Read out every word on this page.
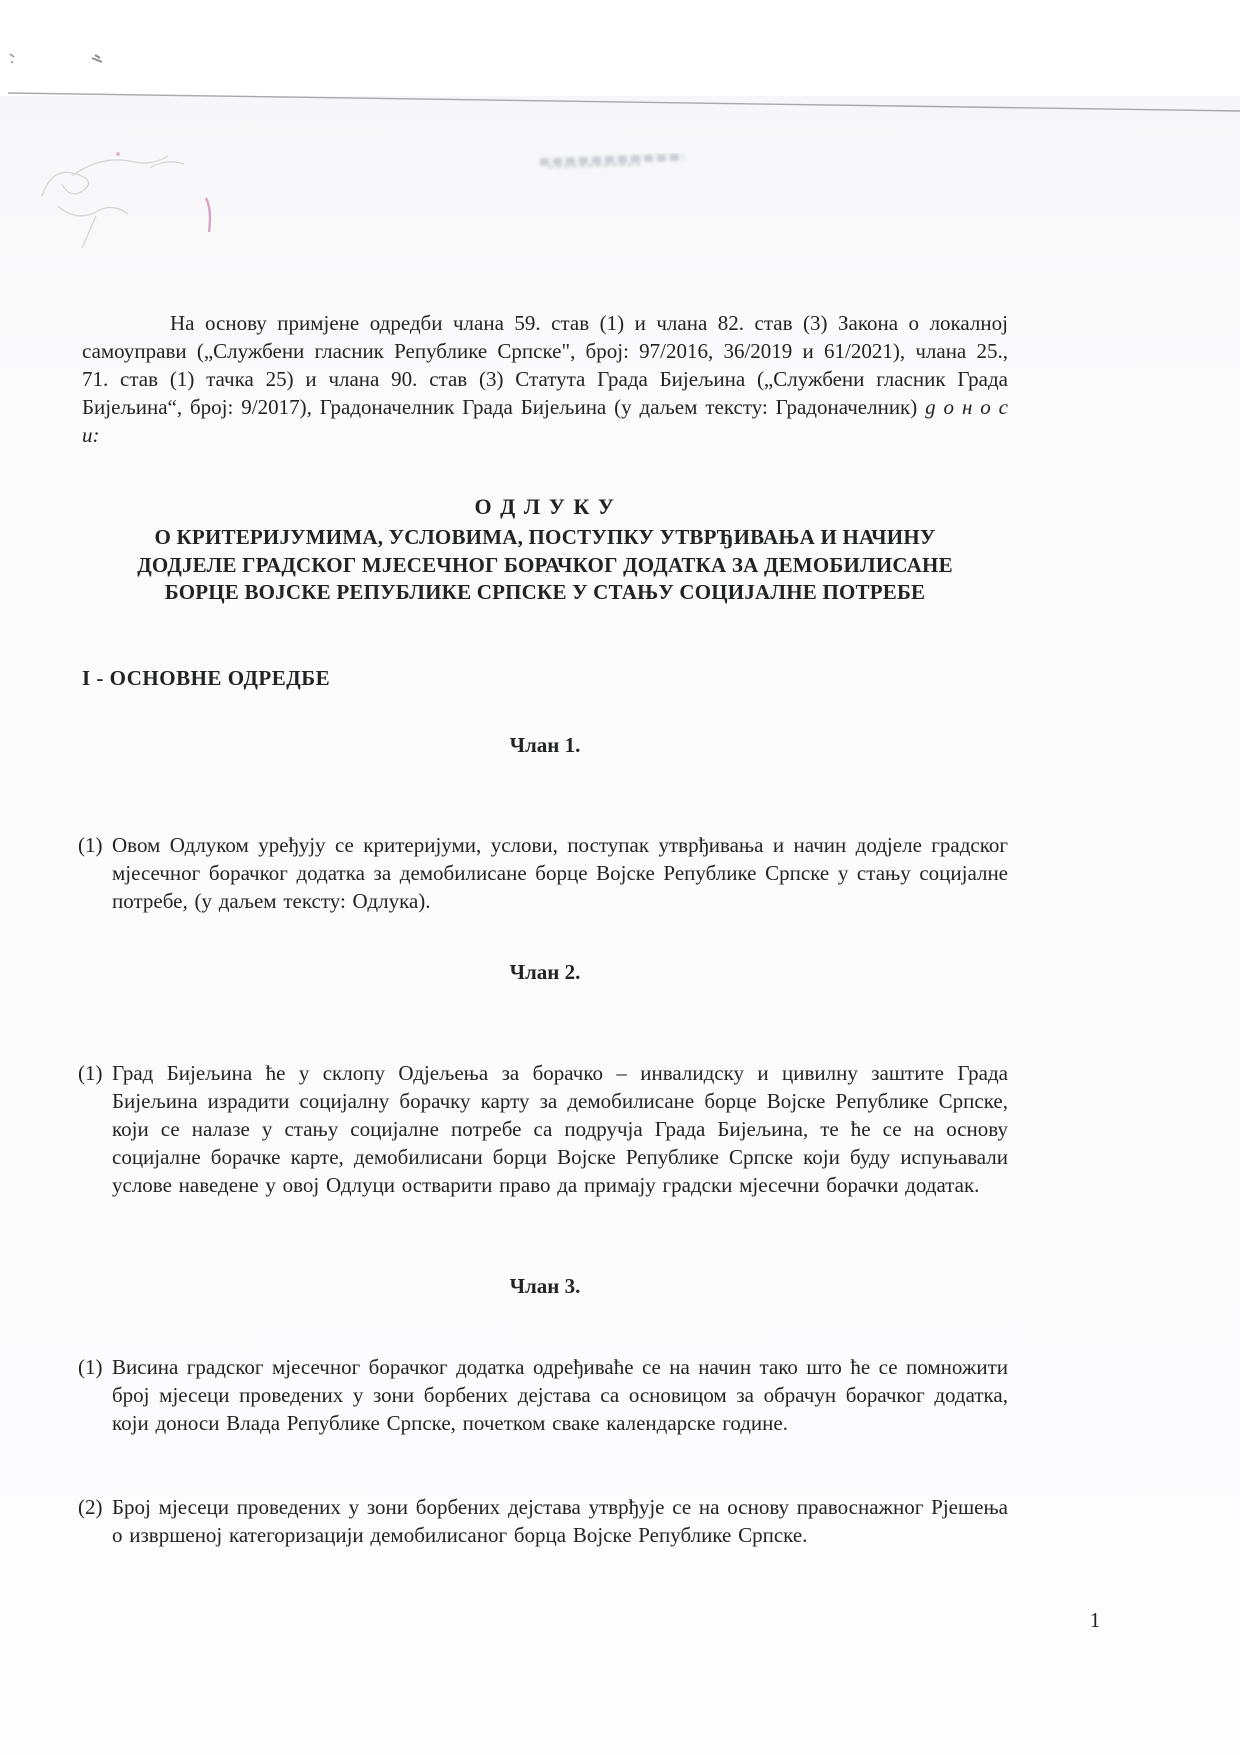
На основу примјене одредби члана 59. став (1) и члана 82. став (3) Закона о локалној самоуправи („Службени гласник Републике Српске", број: 97/2016, 36/2019 и 61/2021), члана 25., 71. став (1) тачка 25) и члана 90. став (3) Статута Града Бијељина („Службени гласник Града Бијељина“, број: 9/2017), Градоначелник Града Бијељина (у даљем тексту: Градоначелник) д о н о с и:

О Д Л У К У
О КРИТЕРИЈУМИМА, УСЛОВИМА, ПОСТУПКУ УТВРЂИВАЊА И НАЧИНУ ДОДЈЕЛЕ ГРАДСКОГ МЈЕСЕЧНОГ БОРАЧКОГ ДОДАТКА ЗА ДЕМОБИЛИСАНЕ БОРЦЕ ВОЈСКЕ РЕПУБЛИКЕ СРПСКЕ У СТАЊУ СОЦИЈАЛНЕ ПОТРЕБЕ
I - ОСНОВНЕ ОДРЕДБЕ
Члан 1.

(1) Овом Одлуком уређују се критеријуми, услови, поступак утврђивања и начин додјеле градског мјесечног борачког додатка за демобилисане борце Војске Републике Српске у стању социјалне потребе, (у даљем тексту: Одлука).

Члан 2.

(1) Град Бијељина ће у склопу Одјељења за борачко – инвалидску и цивилну заштите Града Бијељина израдити социјалну борачку карту за демобилисане борце Војске Републике Српске, који се налазе у стању социјалне потребе са подручја Града Бијељина, те ће се на основу социјалне борачке карте, демобилисани борци Војске Републике Српске који буду испуњавали услове наведене у овој Одлуци остварити право да примају градски мјесечни борачки додатак.

Члан 3.

(1) Висина градског мјесечног борачког додатка одређиваће се на начин тако што ће се помножити број мјесеци проведених у зони борбених дејстава са основицом за обрачун борачког додатка, који доноси Влада Републике Српске, почетком сваке календарске године.

(2) Број мјесеци проведених у зони борбених дејстава утврђује се на основу правоснажног Рјешења о извршеној категоризацији демобилисаног борца Војске Републике Српске.

1
